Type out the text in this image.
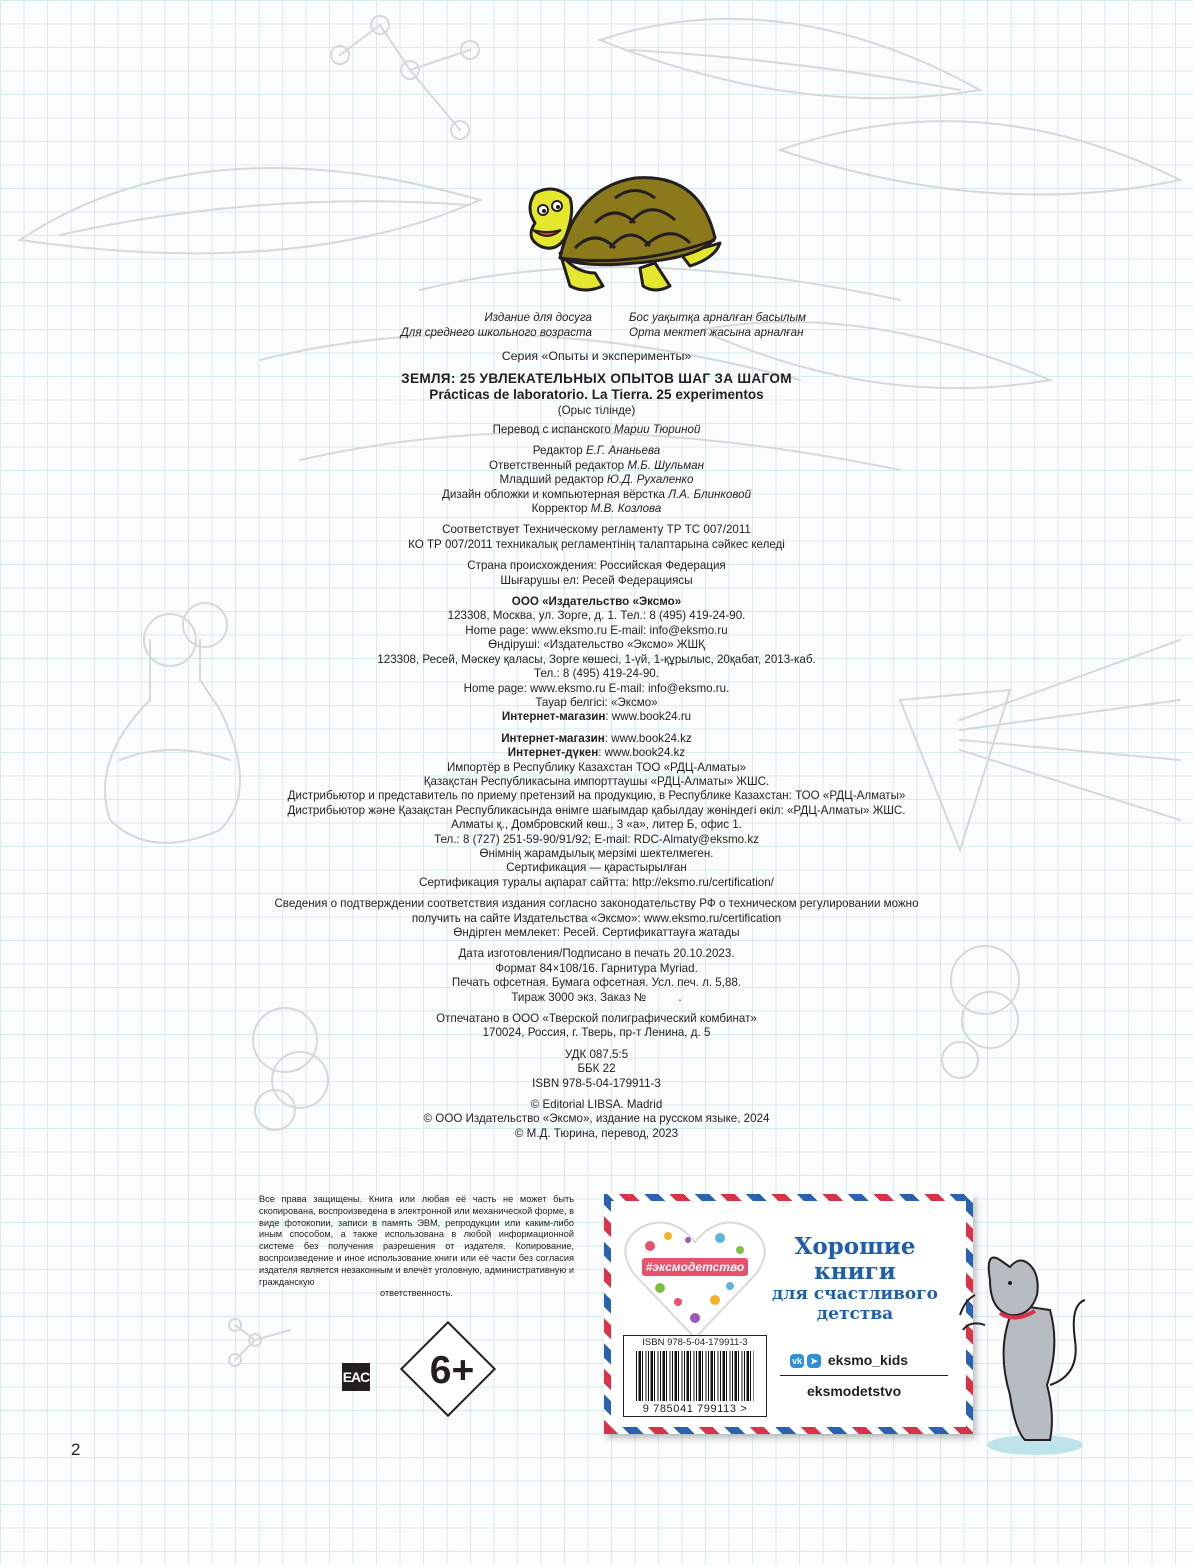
Издание для досуга
Для среднего школьного возраста
Бос уақытқа арналған басылым
Орта мектеп жасына арналған
Серия «Опыты и эксперименты»
ЗЕМЛЯ: 25 УВЛЕКАТЕЛЬНЫХ ОПЫТОВ ШАГ ЗА ШАГОМ
Prácticas de laboratorio. La Tierra. 25 experimentos
(Орыс тілінде)
Перевод с испанского Марии Тюриной
Редактор Е.Г. Ананьева
Ответственный редактор М.Б. Шульман
Младший редактор Ю.Д. Рухаленко
Дизайн обложки и компьютерная вёрстка Л.А. Блинковой
Корректор М.В. Козлова
Соответствует Техническому регламенту ТР ТС 007/2011
КО ТР 007/2011 техникалық регламентінің талаптарына сәйкес келеді
Страна происхождения: Российская Федерация
Шығарушы ел: Ресей Федерациясы
ООО «Издательство «Эксмо»
123308, Москва, ул. Зорге, д. 1. Тел.: 8 (495) 419-24-90.
Home page: www.eksmo.ru E-mail: info@eksmo.ru
Өндіруші: «Издательство «Эксмо» ЖШҚ
123308, Ресей, Мәскеу қаласы, Зорге көшесі, 1-үй, 1-құрылыс, 20қабат, 2013-каб.
Тел.: 8 (495) 419-24-90.
Home page: www.eksmo.ru E-mail: info@eksmo.ru.
Тауар белгісі: «Эксмо»
Интернет-магазин: www.book24.ru
Интернет-магазин: www.book24.kz
Интернет-дүкен: www.book24.kz
Импортёр в Республику Казахстан ТОО «РДЦ-Алматы»
Қазақстан Республикасына импорттаушы «РДЦ-Алматы» ЖШС.
Дистрибьютор и представитель по приему претензий на продукцию, в Республике Казахстан: ТОО «РДЦ-Алматы»
Дистрибьютор және Қазақстан Республикасында өнімге шағымдар қабылдау жөніндегі өкіл: «РДЦ-Алматы» ЖШС.
Алматы қ., Домбровский көш., 3 «а», литер Б, офис 1.
Тел.: 8 (727) 251-59-90/91/92; E-mail: RDC-Almaty@eksmo.kz
Өнімнің жарамдылық мерзімі шектелмеген.
Сертификация — қарастырылған
Сертификация туралы ақпарат сайтта: http://eksmo.ru/certification/
Сведения о подтверждении соответствия издания согласно законодательству РФ о техническом регулировании можно
получить на сайте Издательства «Эксмо»: www.eksmo.ru/certification
Өндірген мемлекет: Ресей. Сертификаттауға жатады
Дата изготовления/Подписано в печать 20.10.2023.
Формат 84×108/16. Гарнитура Myriad.
Печать офсетная. Бумага офсетная. Усл. печ. л. 5,88.
Тираж 3000 экз. Заказ №          .
Отпечатано в ООО «Тверской полиграфический комбинат»
170024, Россия, г. Тверь, пр-т Ленина, д. 5
УДК 087.5:5
ББК 22
ISBN 978-5-04-179911-3
© Editorial LIBSA. Madrid
© ООО Издательство «Эксмо», издание на русском языке, 2024
© М.Д. Тюрина, перевод, 2023
Все права защищены. Книга или любая её часть не может быть скопирована, воспроизведена в электронной или механической форме, в виде фотокопии, записи в память ЭВМ, репродукции или каким-либо иным способом, а также использована в любой информационной системе без получения разрешения от издателя. Копирование, воспроизведение и иное использование книги или её части без согласия издателя является незаконным и влечёт уголовную, административную и гражданскую
ответственность.
EAC	6+
#эксмодетство
Хорошие
книги
для счастливого
детства
vk ➤ eksmo_kids
eksmodetstvo
ISBN 978-5-04-179911-3
9 785041 799113 >
2
